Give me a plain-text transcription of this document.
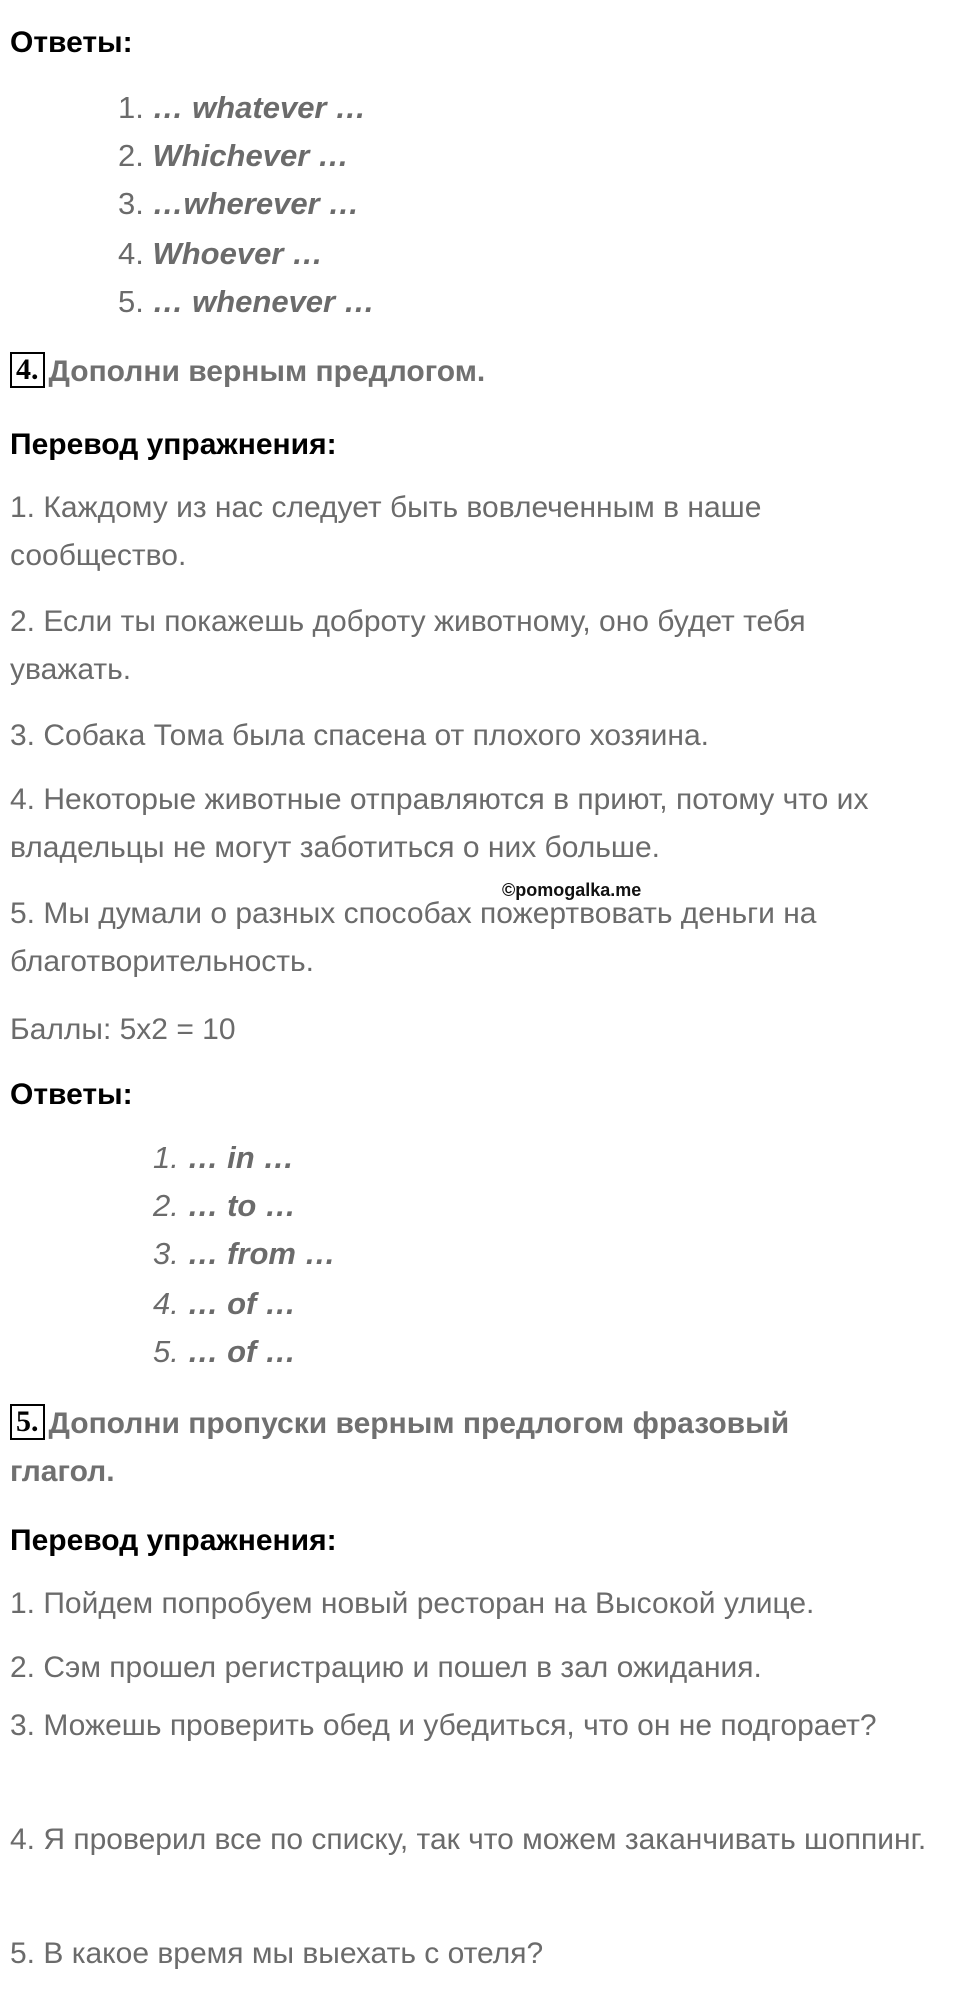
Ответы:
1. … whatever …
2. Whichever …
3. …wherever …
4. Whoever …
5. … whenever …
4. Дополни верным предлогом.
Перевод упражнения:
1. Каждому из нас следует быть вовлеченным в наше сообщество.
2. Если ты покажешь доброту животному, оно будет тебя уважать.
3. Собака Тома была спасена от плохого хозяина.
4. Некоторые животные отправляются в приют, потому что их владельцы не могут заботиться о них больше.
©pomogalka.me
5. Мы думали о разных способах пожертвовать деньги на благотворительность.
Баллы: 5x2 = 10
Ответы:
1. … in …
2. … to …
3. … from …
4. … of …
5. … of …
5. Дополни пропуски верным предлогом фразовый глагол.
Перевод упражнения:
1. Пойдем попробуем новый ресторан на Высокой улице.
2. Сэм прошел регистрацию и пошел в зал ожидания.
3. Можешь проверить обед и убедиться, что он не подгорает?
4. Я проверил все по списку, так что можем заканчивать шоппинг.
5. В какое время мы выехать с отеля?
